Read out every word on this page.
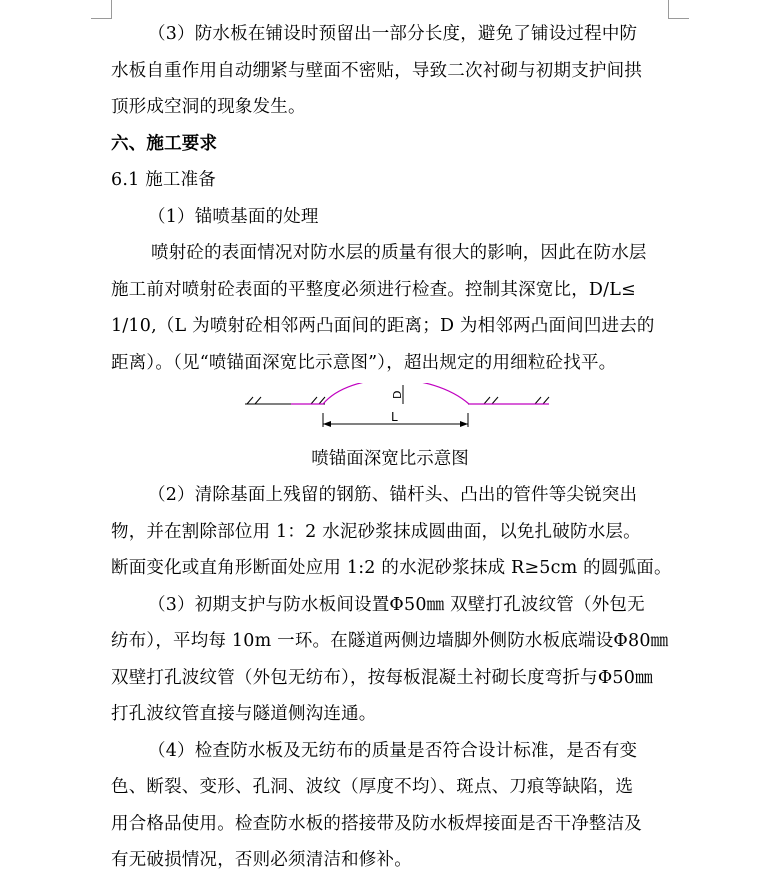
（3）防水板在铺设时预留出一部分长度，避免了铺设过程中防
水板自重作用自动绷紧与壁面不密贴，导致二次衬砌与初期支护间拱
顶形成空洞的现象发生。
六、施工要求
6.1 施工准备
（1）锚喷基面的处理
喷射砼的表面情况对防水层的质量有很大的影响，因此在防水层
施工前对喷射砼表面的平整度必须进行检查。控制其深宽比，D/L≤
1/10,（L 为喷射砼相邻两凸面间的距离；D 为相邻两凸面间凹进去的
距离）。（见“喷锚面深宽比示意图”），超出规定的用细粒砼找平。
D
L
喷锚面深宽比示意图
（2）清除基面上残留的钢筋、锚杆头、凸出的管件等尖锐突出
物，并在割除部位用 1：2 水泥砂浆抹成圆曲面，以免扎破防水层。
断面变化或直角形断面处应用 1:2 的水泥砂浆抹成 R≥5cm 的圆弧面。
（3）初期支护与防水板间设置Φ50㎜ 双壁打孔波纹管（外包无
纺布），平均每 10m 一环。在隧道两侧边墙脚外侧防水板底端设Φ80㎜
双壁打孔波纹管（外包无纺布），按每板混凝土衬砌长度弯折与Φ50㎜
打孔波纹管直接与隧道侧沟连通。
（4）检查防水板及无纺布的质量是否符合设计标准，是否有变
色、断裂、变形、孔洞、波纹（厚度不均）、斑点、刀痕等缺陷，选
用合格品使用。检查防水板的搭接带及防水板焊接面是否干净整洁及
有无破损情况，否则必须清洁和修补。
